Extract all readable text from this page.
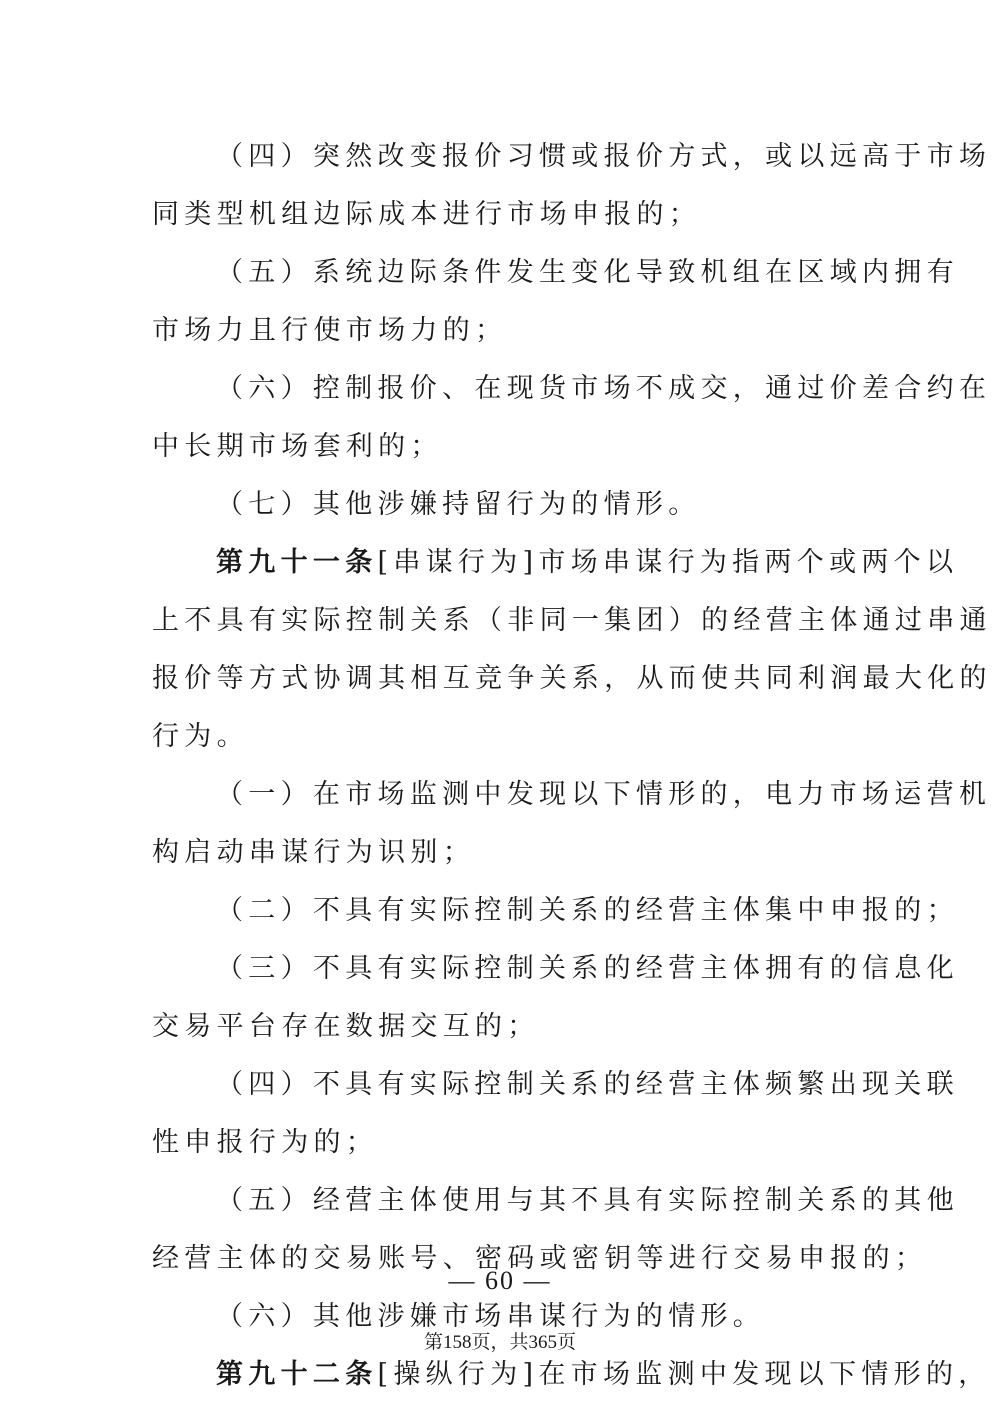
（四）突然改变报价习惯或报价方式，或以远高于市场
同类型机组边际成本进行市场申报的；
（五）系统边际条件发生变化导致机组在区域内拥有
市场力且行使市场力的；
（六）控制报价、在现货市场不成交，通过价差合约在
中长期市场套利的；
（七）其他涉嫌持留行为的情形。
第九十一条[串谋行为]市场串谋行为指两个或两个以
上不具有实际控制关系（非同一集团）的经营主体通过串通
报价等方式协调其相互竞争关系，从而使共同利润最大化的
行为。
（一）在市场监测中发现以下情形的，电力市场运营机
构启动串谋行为识别；
（二）不具有实际控制关系的经营主体集中申报的；
（三）不具有实际控制关系的经营主体拥有的信息化
交易平台存在数据交互的；
（四）不具有实际控制关系的经营主体频繁出现关联
性申报行为的；
（五）经营主体使用与其不具有实际控制关系的其他
经营主体的交易账号、密码或密钥等进行交易申报的；
（六）其他涉嫌市场串谋行为的情形。
第九十二条[操纵行为]在市场监测中发现以下情形的，
— 60 —
第158页，共365页
